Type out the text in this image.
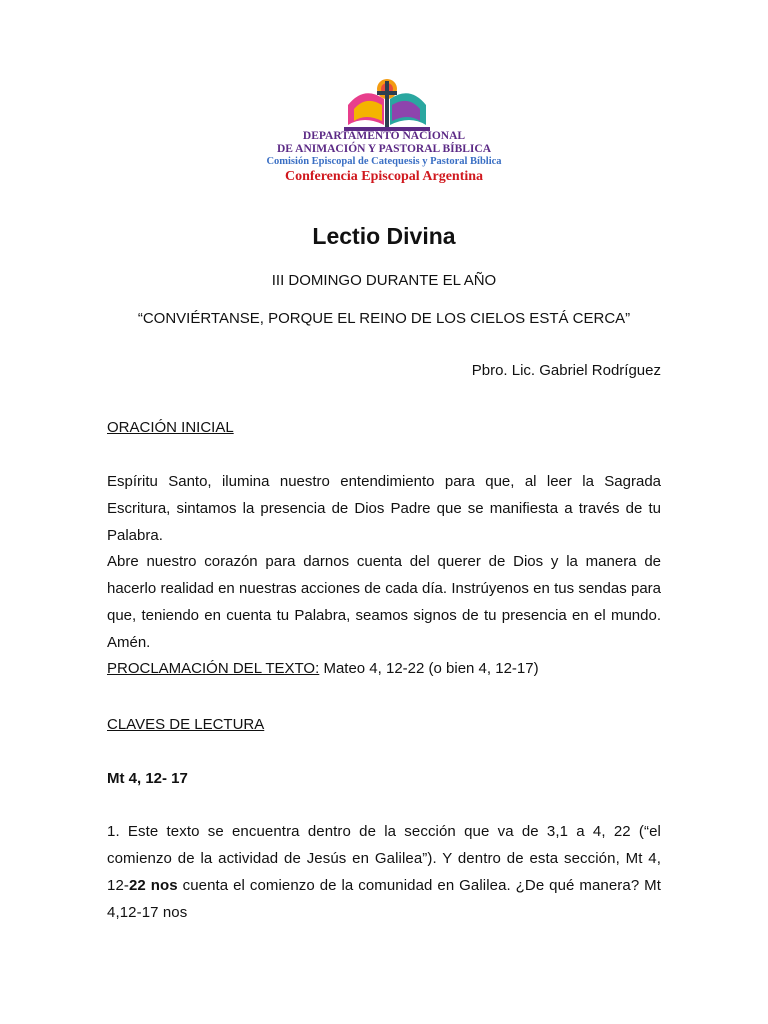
DEPARTAMENTO NACIONAL
DE ANIMACIÓN Y PASTORAL BÍBLICA
Comisión Episcopal de Catequesis y Pastoral Bíblica
Conferencia Episcopal Argentina
Lectio Divina
III DOMINGO DURANTE EL AÑO
“CONVIÉRTANSE, PORQUE EL REINO DE LOS CIELOS ESTÁ CERCA”
Pbro. Lic. Gabriel Rodríguez
ORACIÓN INICIAL
Espíritu Santo, ilumina nuestro entendimiento para que, al leer la Sagrada Escritura, sintamos la presencia de Dios Padre que se manifiesta a través de tu Palabra.
Abre nuestro corazón para darnos cuenta del querer de Dios y la manera de hacerlo realidad en nuestras acciones de cada día. Instrúyenos en tus sendas para que, teniendo en cuenta tu Palabra, seamos signos de tu presencia en el mundo. Amén.
PROCLAMACIÓN DEL TEXTO: Mateo 4, 12-22 (o bien 4, 12-17)
CLAVES DE LECTURA
Mt 4, 12- 17
1. Este texto se encuentra dentro de la sección que va de 3,1 a 4, 22 (“el comienzo de la actividad de Jesús en Galilea”). Y dentro de esta sección, Mt 4, 12-22 nos cuenta el comienzo de la comunidad en Galilea. ¿De qué manera? Mt 4,12-17 nos
